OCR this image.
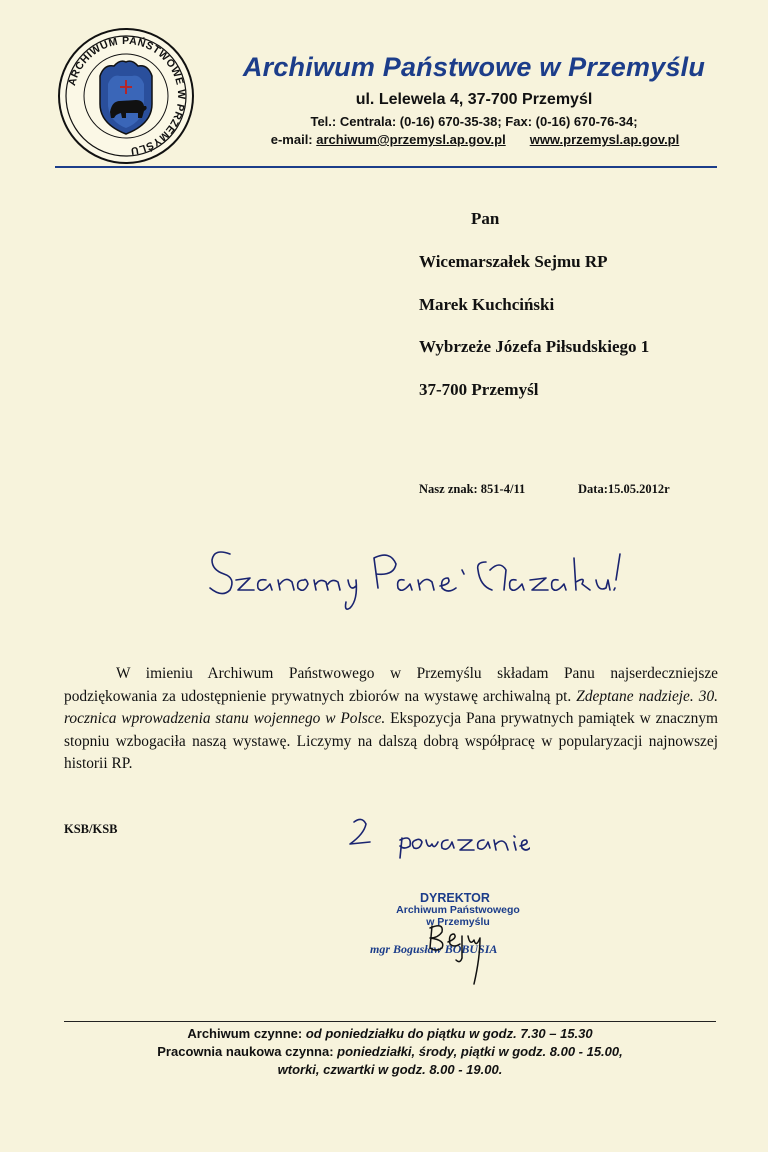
ARCHIWUM PAŃSTWOWE W PRZEMYŚLU
Archiwum Państwowe w Przemyślu
ul. Lelewela 4, 37-700 Przemyśl
Tel.: Centrala: (0-16) 670-35-38; Fax: (0-16) 670-76-34;
e-mail: archiwum@przemysl.ap.gov.pl www.przemysl.ap.gov.pl
Pan
Wicemarszałek Sejmu RP
Marek Kuchciński
Wybrzeże Józefa Piłsudskiego 1
37-700 Przemyśl
Nasz znak: 851-4/11	Data:15.05.2012r
W imieniu Archiwum Państwowego w Przemyślu składam Panu najserdeczniejsze podziękowania za udostępnienie prywatnych zbiorów na wystawę archiwalną pt. Zdeptane nadzieje. 30. rocznica wprowadzenia stanu wojennego w Polsce. Ekspozycja Pana prywatnych pamiątek w znacznym stopniu wzbogaciła naszą wystawę. Liczymy na dalszą dobrą współpracę w popularyzacji najnowszej historii RP.
KSB/KSB
DYREKTOR
Archiwum Państwowego
w Przemyślu
mgr Bogusław BOBUSIA
Archiwum czynne: od poniedziałku do piątku w godz. 7.30 – 15.30
Pracownia naukowa czynna: poniedziałki, środy, piątki w godz. 8.00 - 15.00,
wtorki, czwartki w godz. 8.00 - 19.00.
